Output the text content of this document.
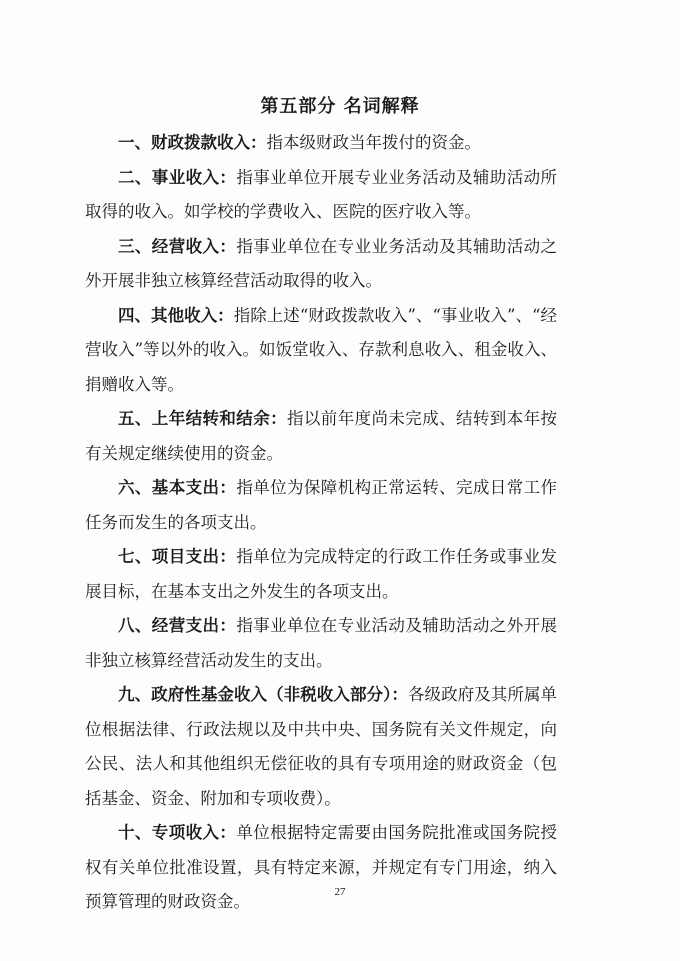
第五部分 名词解释

一、财政拨款收入：指本级财政当年拨付的资金。

二、事业收入：指事业单位开展专业业务活动及辅助活动所取得的收入。如学校的学费收入、医院的医疗收入等。

三、经营收入：指事业单位在专业业务活动及其辅助活动之外开展非独立核算经营活动取得的收入。

四、其他收入：指除上述“财政拨款收入”、“事业收入”、“经营收入”等以外的收入。如饭堂收入、存款利息收入、租金收入、捐赠收入等。

五、上年结转和结余：指以前年度尚未完成、结转到本年按有关规定继续使用的资金。

六、基本支出：指单位为保障机构正常运转、完成日常工作任务而发生的各项支出。

七、项目支出：指单位为完成特定的行政工作任务或事业发展目标，在基本支出之外发生的各项支出。

八、经营支出：指事业单位在专业活动及辅助活动之外开展非独立核算经营活动发生的支出。

九、政府性基金收入（非税收入部分）：各级政府及其所属单位根据法律、行政法规以及中共中央、国务院有关文件规定，向公民、法人和其他组织无偿征收的具有专项用途的财政资金（包括基金、资金、附加和专项收费）。

十、专项收入：单位根据特定需要由国务院批准或国务院授权有关单位批准设置，具有特定来源，并规定有专门用途，纳入预算管理的财政资金。	27
